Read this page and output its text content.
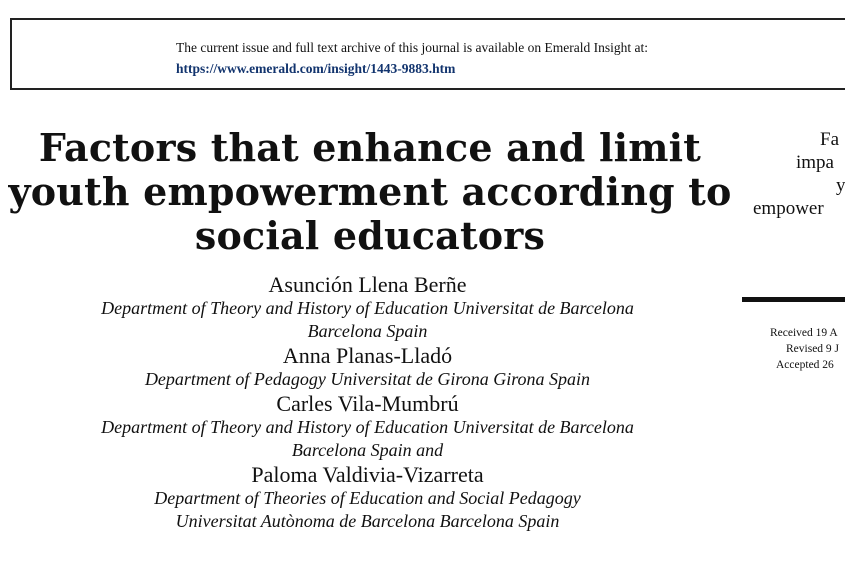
The current issue and full text archive of this journal is available on Emerald Insight at:
https://www.emerald.com/insight/1443-9883.htm
Factors that enhance and limit
youth empowerment according to
social educators
Asunción Llena Berñe
Department of Theory and History of Education Universitat de Barcelona
Barcelona Spain
Anna Planas-Lladó
Department of Pedagogy Universitat de Girona Girona Spain
Carles Vila-Mumbrú
Department of Theory and History of Education Universitat de Barcelona
Barcelona Spain and
Paloma Valdivia-Vizarreta
Department of Theories of Education and Social Pedagogy
Universitat Autònoma de Barcelona Barcelona Spain
Fa
impa
y
empower
Received 19 A
Revised 9 J
Accepted 26
